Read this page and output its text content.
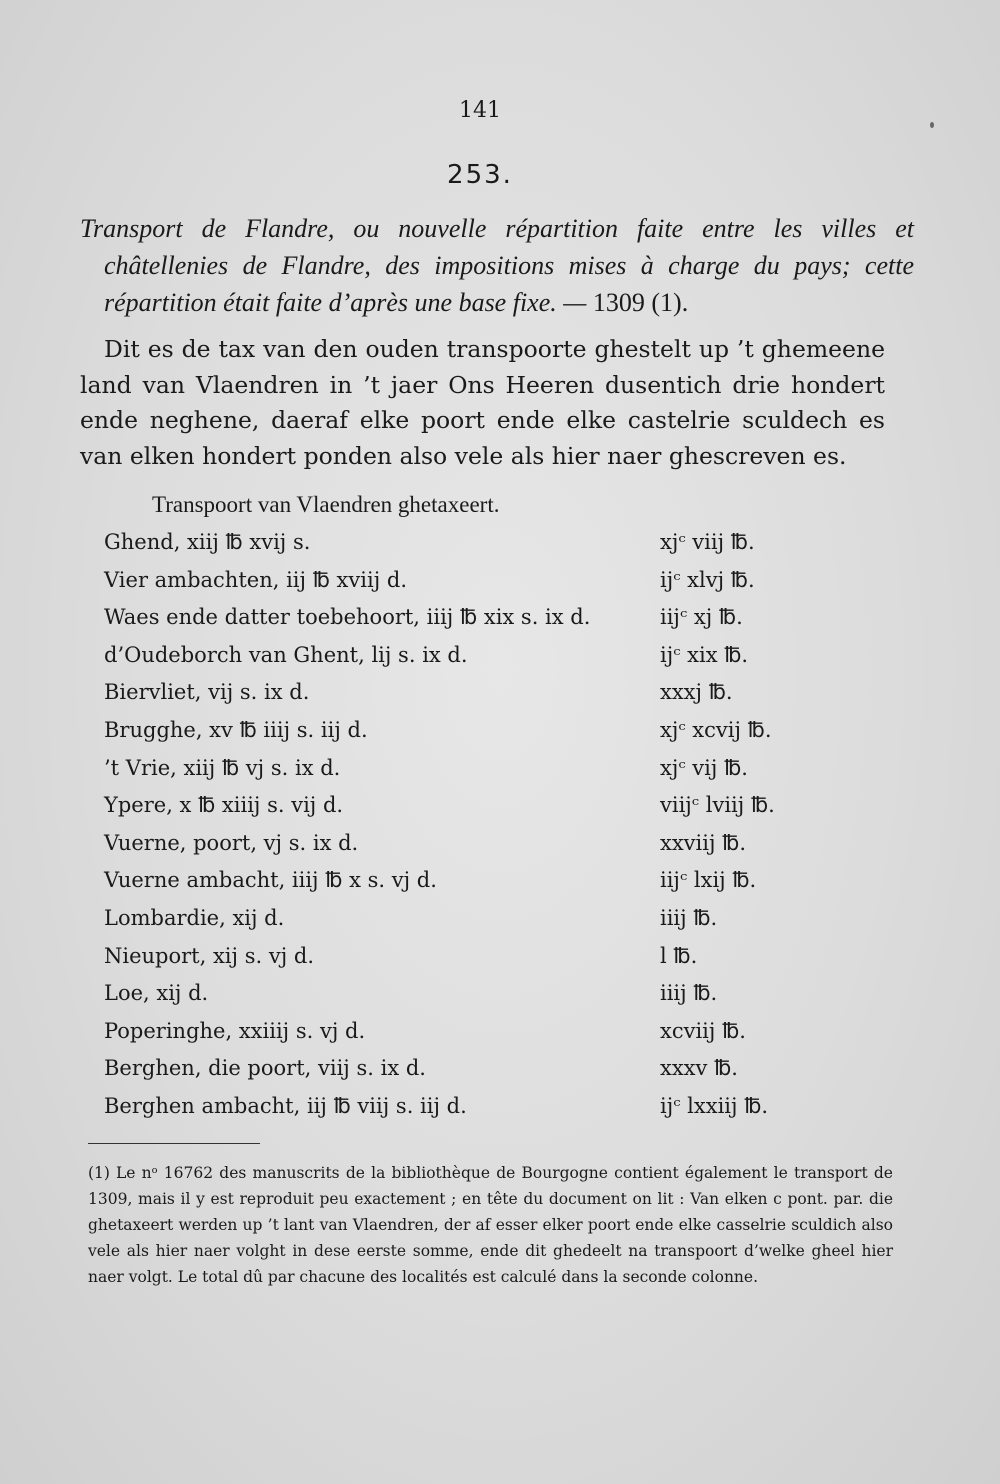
141
253.
Transport de Flandre, ou nouvelle répartition faite entre les villes et châtellenies de Flandre, des impositions mises à charge du pays; cette répartition était faite d’après une base fixe. — 1309 (1).
Dit es de tax van den ouden transpoorte ghestelt up ’t ghemeene land van Vlaendren in ’t jaer Ons Heeren dusentich drie hondert ende neghene, daeraf elke poort ende elke castelrie sculdech es van elken hondert ponden also vele als hier naer ghescreven es.
Transpoort van Vlaendren ghetaxeert.
Ghend, xiij ℔ xvij s.	xjᶜ viij ℔.
Vier ambachten, iij ℔ xviij d.	ijᶜ xlvj ℔.
Waes ende datter toebehoort, iiij ℔ xix s. ix d.	iijᶜ xj ℔.
d’Oudeborch van Ghent, lij s. ix d.	ijᶜ xix ℔.
Biervliet, vij s. ix d.	xxxj ℔.
Brugghe, xv ℔ iiij s. iij d.	xjᶜ xcvij ℔.
’t Vrie, xiij ℔ vj s. ix d.	xjᶜ vij ℔.
Ypere, x ℔ xiiij s. vij d.	viijᶜ lviij ℔.
Vuerne, poort, vj s. ix d.	xxviij ℔.
Vuerne ambacht, iiij ℔ x s. vj d.	iijᶜ lxij ℔.
Lombardie, xij d.	iiij ℔.
Nieuport, xij s. vj d.	l ℔.
Loe, xij d.	iiij ℔.
Poperinghe, xxiiij s. vj d.	xcviij ℔.
Berghen, die poort, viij s. ix d.	xxxv ℔.
Berghen ambacht, iij ℔ viij s. iij d.	ijᶜ lxxiij ℔.
(1) Le nᵒ 16762 des manuscrits de la bibliothèque de Bourgogne contient également le transport de 1309, mais il y est reproduit peu exactement ; en tête du document on lit : Van elken c pont. par. die ghetaxeert werden up ’t lant van Vlaendren, der af esser elker poort ende elke casselrie sculdich also vele als hier naer volght in dese eerste somme, ende dit ghedeelt na transpoort d’welke gheel hier naer volgt. Le total dû par chacune des localités est calculé dans la seconde colonne.
